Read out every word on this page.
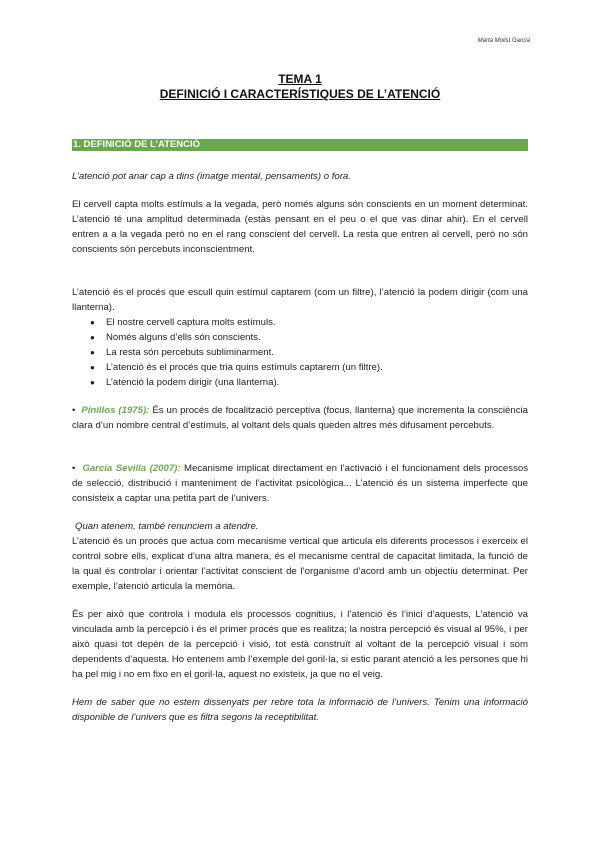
Marta Molist García
TEMA 1
DEFINICIÓ I CARACTERÍSTIQUES DE L’ATENCIÓ
1. DEFINICIÓ DE L’ATENCIÓ

L’atenció pot anar cap a dins (imatge mental, pensaments) o fora.

El cervell capta molts estímuls a la vegada, però només alguns són conscients en un moment determinat. L’atenció té una amplitud determinada (estàs pensant en el peu o el que vas dinar ahir). En el cervell entren a a la vegada però no en el rang conscient del cervell. La resta que entren al cervell, però no són conscients són percebuts inconscientment.

L’atenció és el procés que escull quin estímul captarem (com un filtre), l’atenció la podem dirigir (com una llanterna).

● El nostre cervell captura molts estímuls.
● Només alguns d’ells són conscients.
● La resta són percebuts subliminarment.
● L’atenció és el procés que tria quins estímuls captarem (un filtre).
● L’atenció la podem dirigir (una llanterna).

• Pinillos (1975): És un procés de focalització perceptiva (focus, llanterna) que incrementa la consciència clara d’un nombre central d’estímuls, al voltant dels quals queden altres més difusament percebuts.

• García Sevilla (2007): Mecanisme implicat directament en l’activació i el funcionament dels processos de selecció, distribució i manteniment de l’activitat psicològica... L’atenció és un sistema imperfecte que consisteix a captar una petita part de l’univers.

Quan atenem, també renunciem a atendre.

L’atenció és un procés que actua com mecanisme vertical que articula els diferents processos i exerceix el control sobre ells, explicat d’una altra manera, és el mecanisme central de capacitat limitada, la funció de la qual és controlar i orientar l’activitat conscient de l’organisme d’acord amb un objectiu determinat. Per exemple, l’atenció articula la memòria.

És per això que controla i modula els processos cognitius, i l’atenció és l’inici d’aquests, L’atenció va vinculada amb la percepció i és el primer procés que es realitza; la nostra percepció és visual al 95%, i per això quasi tot depèn de la percepció i visió, tot està construït al voltant de la percepció visual i som dependents d’aquesta. Ho entenem amb l’exemple del goril·la, si estic parant atenció a les persones que hi ha pel mig i no em fixo en el goril·la, aquest no existeix, ja que no el veig.

Hem de saber que no estem dissenyats per rebre tota la informació de l’univers. Tenim una informació disponible de l’univers que es filtra segons la receptibilitat.
